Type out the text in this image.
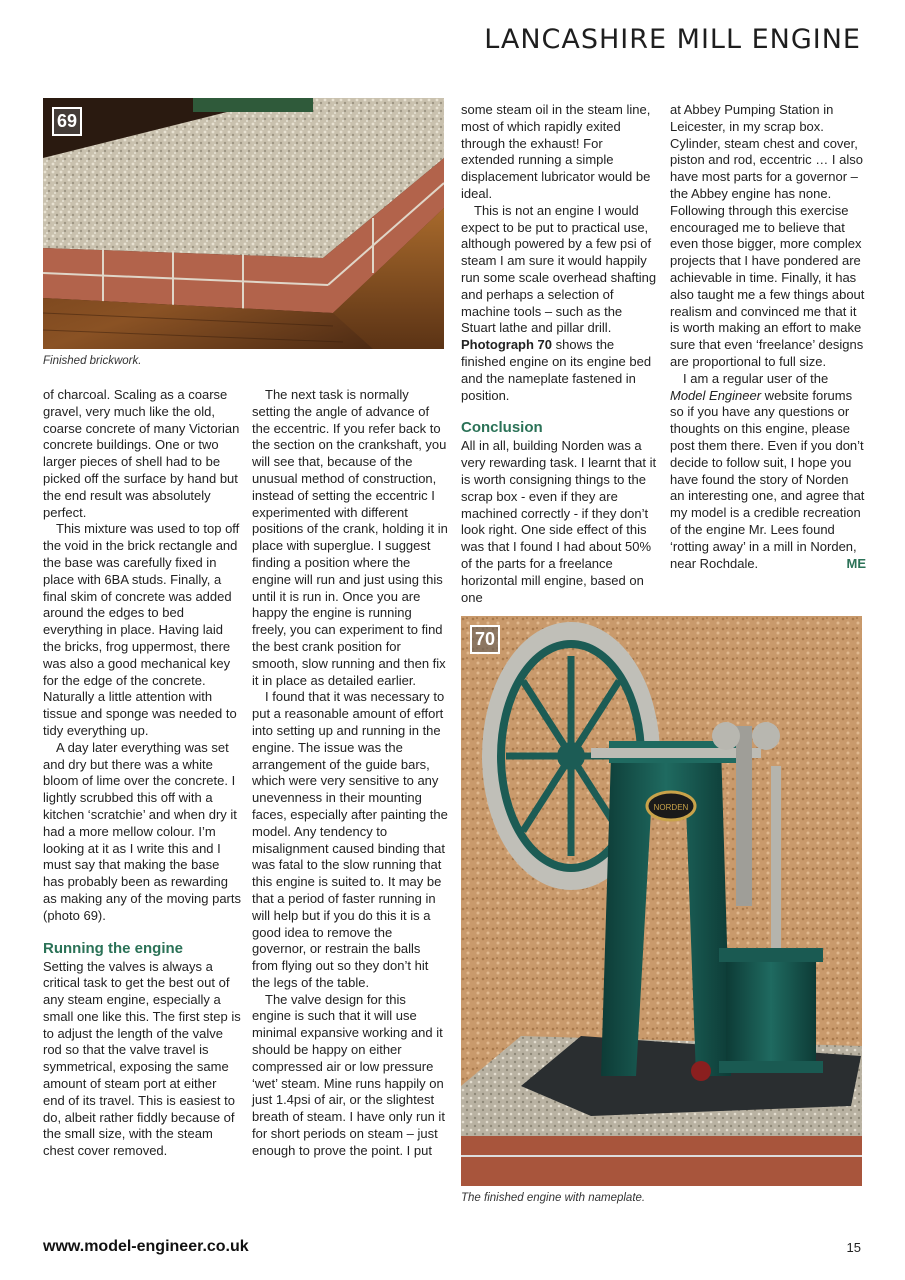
LANCASHIRE MILL ENGINE
69
Finished brickwork.

of charcoal. Scaling as a coarse gravel, very much like the old, coarse concrete of many Victorian concrete buildings. One or two larger pieces of shell had to be picked off the surface by hand but the end result was absolutely perfect.

This mixture was used to top off the void in the brick rectangle and the base was carefully fixed in place with 6BA studs. Finally, a final skim of concrete was added around the edges to bed everything in place. Having laid the bricks, frog uppermost, there was also a good mechanical key for the edge of the concrete. Naturally a little attention with tissue and sponge was needed to tidy everything up.

A day later everything was set and dry but there was a white bloom of lime over the concrete. I lightly scrubbed this off with a kitchen ‘scratchie’ and when dry it had a more mellow colour. I’m looking at it as I write this and I must say that making the base has probably been as rewarding as making any of the moving parts (photo 69).

Running the engine

Setting the valves is always a critical task to get the best out of any steam engine, especially a small one like this. The first step is to adjust the length of the valve rod so that the valve travel is symmetrical, exposing the same amount of steam port at either end of its travel. This is easiest to do, albeit rather fiddly because of the small size, with the steam chest cover removed.

The next task is normally setting the angle of advance of the eccentric. If you refer back to the section on the crankshaft, you will see that, because of the unusual method of construction, instead of setting the eccentric I experimented with different positions of the crank, holding it in place with superglue. I suggest finding a position where the engine will run and just using this until it is run in. Once you are happy the engine is running freely, you can experiment to find the best crank position for smooth, slow running and then fix it in place as detailed earlier.

I found that it was necessary to put a reasonable amount of effort into setting up and running in the engine. The issue was the arrangement of the guide bars, which were very sensitive to any unevenness in their mounting faces, especially after painting the model. Any tendency to misalignment caused binding that was fatal to the slow running that this engine is suited to. It may be that a period of faster running in will help but if you do this it is a good idea to remove the governor, or restrain the balls from flying out so they don’t hit the legs of the table.

The valve design for this engine is such that it will use minimal expansive working and it should be happy on either compressed air or low pressure ‘wet’ steam. Mine runs happily on just 1.4psi of air, or the slightest breath of steam. I have only run it for short periods on steam – just enough to prove the point. I put

some steam oil in the steam line, most of which rapidly exited through the exhaust! For extended running a simple displacement lubricator would be ideal.

This is not an engine I would expect to be put to practical use, although powered by a few psi of steam I am sure it would happily run some scale overhead shafting and perhaps a selection of machine tools – such as the Stuart lathe and pillar drill. Photograph 70 shows the finished engine on its engine bed and the nameplate fastened in position.

Conclusion

All in all, building Norden was a very rewarding task. I learnt that it is worth consigning things to the scrap box - even if they are machined correctly - if they don’t look right. One side effect of this was that I found I had about 50% of the parts for a freelance horizontal mill engine, based on one

at Abbey Pumping Station in Leicester, in my scrap box. Cylinder, steam chest and cover, piston and rod, eccentric … I also have most parts for a governor – the Abbey engine has none. Following through this exercise encouraged me to believe that even those bigger, more complex projects that I have pondered are achievable in time. Finally, it has also taught me a few things about realism and convinced me that it is worth making an effort to make sure that even ‘freelance’ designs are proportional to full size.

I am a regular user of the Model Engineer website forums so if you have any questions or thoughts on this engine, please post them there. Even if you don’t decide to follow suit, I hope you have found the story of Norden an interesting one, and agree that my model is a credible recreation of the engine Mr. Lees found ‘rotting away’ in a mill in Norden, near Rochdale.	ME

NORDEN
70
The finished engine with nameplate.
www.model-engineer.co.uk	15
